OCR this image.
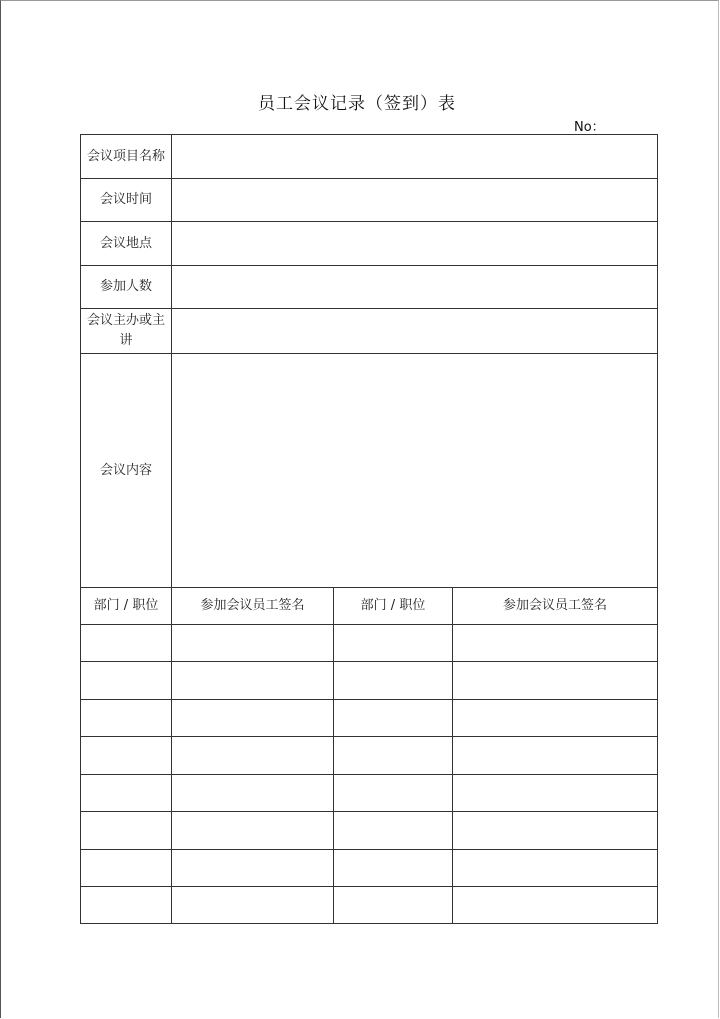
员工会议记录（签到）表
No：
会议项目名称			

会议时间			

会议地点			

参加人数			

会议主办或主讲			

会议内容			

部门 / 职位	参加会议员工签名	部门 / 职位	参加会议员工签名
